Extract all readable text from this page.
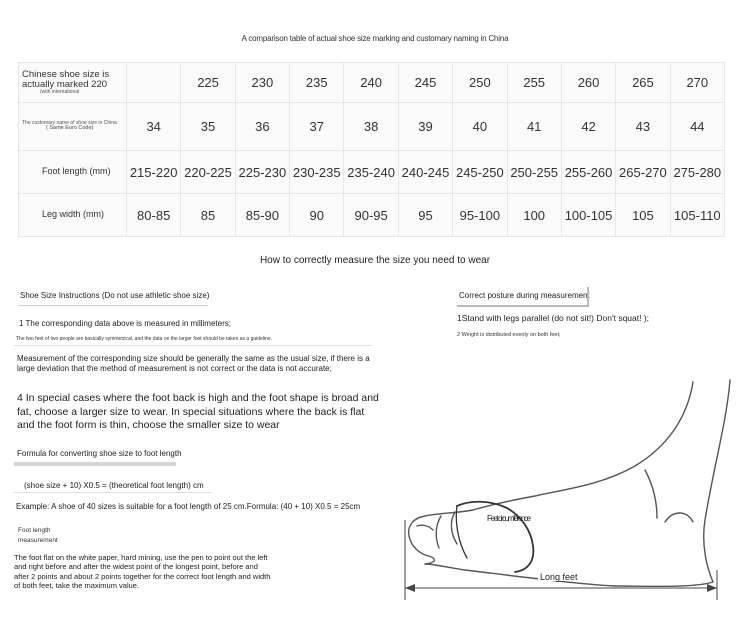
A comparison table of actual shoe size marking and customary naming in China
Chinese shoe size is actually marked 220
(with international		225	230	235	240	245	250	255	260	265	270

The customary name of shoe size in China
( Same Euro Code)	34	35	36	37	38	39	40	41	42	43	44

Foot length (mm)	215-220	220-225	225-230	230-235	235-240	240-245	245-250	250-255	255-260	265-270	275-280

Leg width (mm)	80-85	85	85-90	90	90-95	95	95-100	100	100-105	105	105-110
How to correctly measure the size you need to wear
Shoe Size Instructions (Do not use athletic shoe size)
1 The corresponding data above is measured in millimeters;
The two feet of two people are basically symmetrical, and the data on the larger foot should be taken as a guideline.
Measurement of the corresponding size should be generally the same as the usual size, if there is a large deviation that the method of measurement is not correct or the data is not accurate;
4 In special cases where the foot back is high and the foot shape is broad and fat, choose a larger size to wear. In special situations where the back is flat and the foot form is thin, choose the smaller size to wear
Formula for converting shoe size to foot length
(shoe size + 10) X0.5 = (theoretical foot length) cm
Example: A shoe of 40 sizes is suitable for a foot length of 25 cm.Formula: (40 + 10) X0.5 = 25cm
Foot length measurement
The foot flat on the white paper, hard mining, use the pen to point out the left and right before and after the widest point of the longest point, before and after 2 points and about 2 points together for the correct foot length and width of both feet, take the maximum value.
Correct posture during measurement
1Stand with legs parallel (do not sit!) Don't squat! );
2 Weight is distributed evenly on both feet;
Feet circumference
Long feet
